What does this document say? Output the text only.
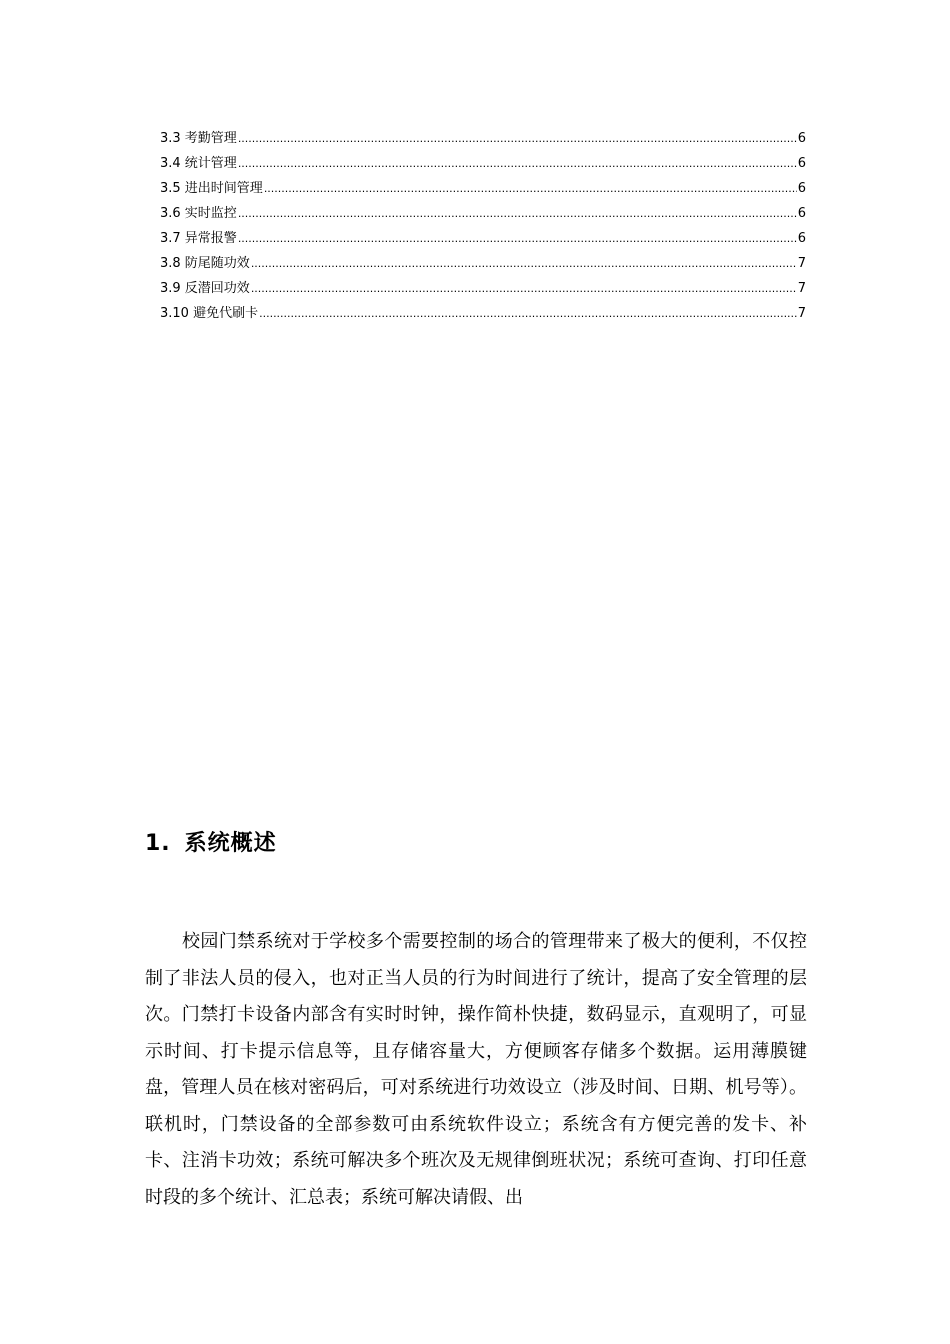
3.3 考勤管理 .....	6
3.4 统计管理 .....	6
3.5 进出时间管理 .....	6
3.6 实时监控 .....	6
3.7 异常报警 .....	6
3.8 防尾随功效 .....	7
3.9 反潜回功效 .....	7
3.10 避免代刷卡 .....	7
1. 系统概述

校园门禁系统对于学校多个需要控制的场合的管理带来了极大的便利，不仅控制了非法人员的侵入，也对正当人员的行为时间进行了统计，提高了安全管理的层次。门禁打卡设备内部含有实时时钟，操作简朴快捷，数码显示，直观明了，可显示时间、打卡提示信息等，且存储容量大，方便顾客存储多个数据。运用薄膜键盘，管理人员在核对密码后，可对系统进行功效设立（涉及时间、日期、机号等）。联机时，门禁设备的全部参数可由系统软件设立；系统含有方便完善的发卡、补卡、注消卡功效；系统可解决多个班次及无规律倒班状况；系统可查询、打印任意时段的多个统计、汇总表；系统可解决请假、出
